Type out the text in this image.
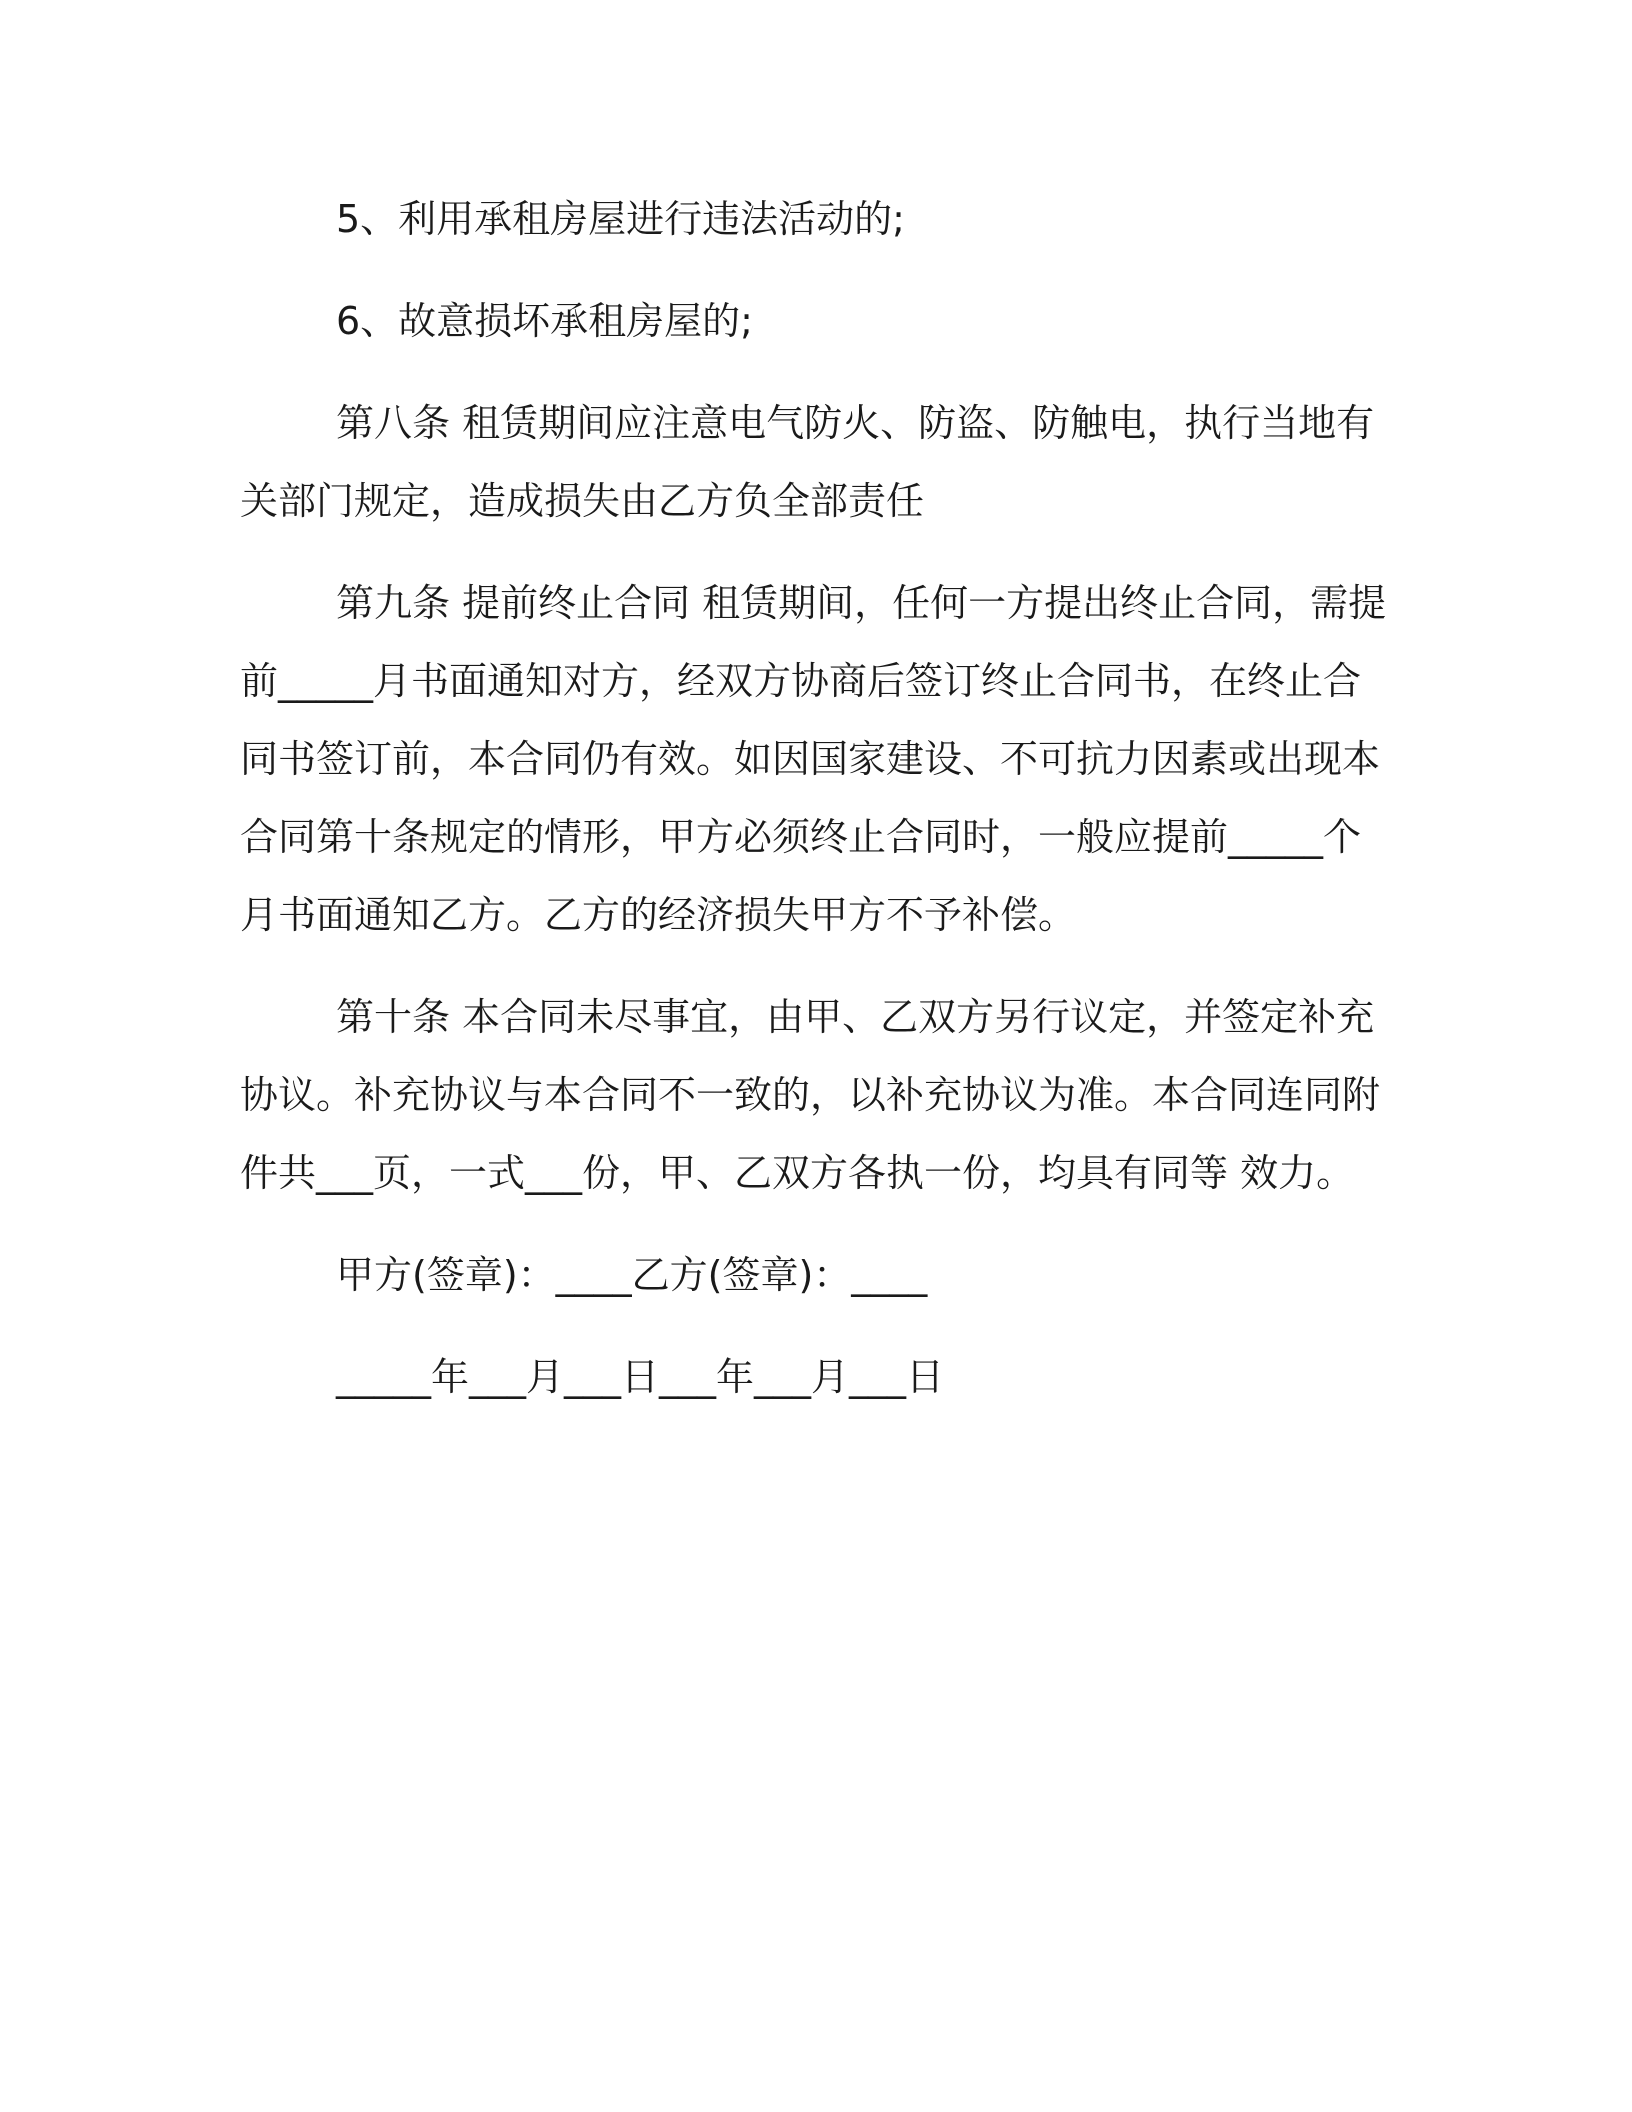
5、利用承租房屋进行违法活动的;

6、故意损坏承租房屋的;

第八条 租赁期间应注意电气防火、防盗、防触电，执行当地有关部门规定，造成损失由乙方负全部责任

第九条 提前终止合同 租赁期间，任何一方提出终止合同，需提前_____月书面通知对方，经双方协商后签订终止合同书，在终止合同书签订前，本合同仍有效。如因国家建设、不可抗力因素或出现本合同第十条规定的情形，甲方必须终止合同时，一般应提前_____个月书面通知乙方。乙方的经济损失甲方不予补偿。

第十条 本合同未尽事宜，由甲、乙双方另行议定，并签定补充协议。补充协议与本合同不一致的，以补充协议为准。本合同连同附件共___页，一式___份，甲、乙双方各执一份，均具有同等 效力。

甲方(签章)：____乙方(签章)：____

_____年___月___日___年___月___日
